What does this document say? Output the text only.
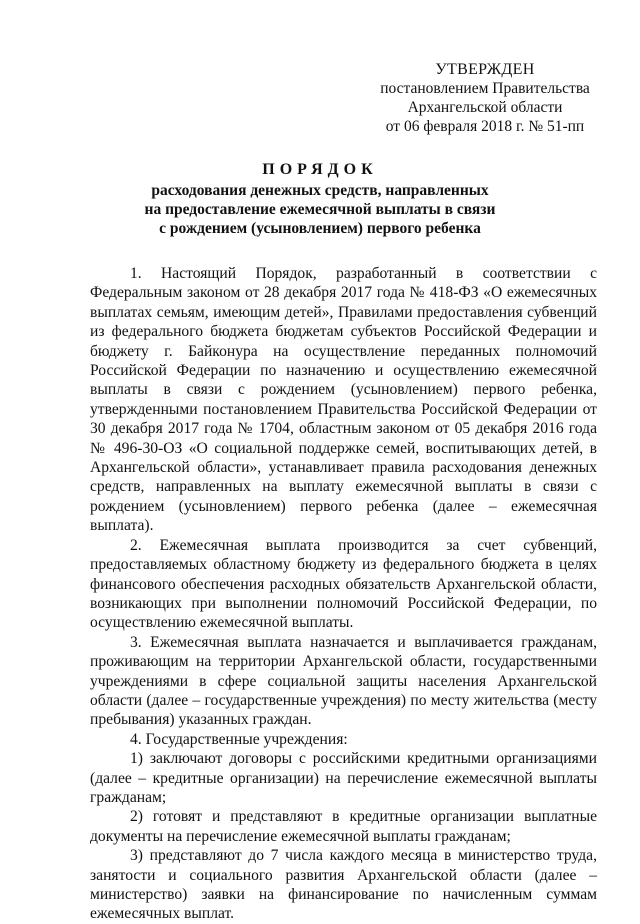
УТВЕРЖДЕН
постановлением Правительства
Архангельской области
от 06 февраля 2018 г. № 51-пп
ПОРЯДОК
расходования денежных средств, направленных
на предоставление ежемесячной выплаты в связи
с рождением (усыновлением) первого ребенка

1. Настоящий Порядок, разработанный в соответствии с Федеральным законом от 28 декабря 2017 года № 418-ФЗ «О ежемесячных выплатах семьям, имеющим детей», Правилами предоставления субвенций из федерального бюджета бюджетам субъектов Российской Федерации и бюджету г. Байконура на осуществление переданных полномочий Российской Федерации по назначению и осуществлению ежемесячной выплаты в связи с рождением (усыновлением) первого ребенка, утвержденными постановлением Правительства Российской Федерации от 30 декабря 2017 года № 1704, областным законом от 05 декабря 2016 года № 496-30-ОЗ «О социальной поддержке семей, воспитывающих детей, в Архангельской области», устанавливает правила расходования денежных средств, направленных на выплату ежемесячной выплаты в связи с рождением (усыновлением) первого ребенка (далее – ежемесячная выплата).

2. Ежемесячная выплата производится за счет субвенций, предоставляемых областному бюджету из федерального бюджета в целях финансового обеспечения расходных обязательств Архангельской области, возникающих при выполнении полномочий Российской Федерации, по осуществлению ежемесячной выплаты.

3. Ежемесячная выплата назначается и выплачивается гражданам, проживающим на территории Архангельской области, государственными учреждениями в сфере социальной защиты населения Архангельской области (далее – государственные учреждения) по месту жительства (месту пребывания) указанных граждан.

4. Государственные учреждения:

1) заключают договоры с российскими кредитными организациями (далее – кредитные организации) на перечисление ежемесячной выплаты гражданам;

2) готовят и представляют в кредитные организации выплатные документы на перечисление ежемесячной выплаты гражданам;

3) представляют до 7 числа каждого месяца в министерство труда, занятости и социального развития Архангельской области (далее – министерство) заявки на финансирование по начисленным суммам ежемесячных выплат.
